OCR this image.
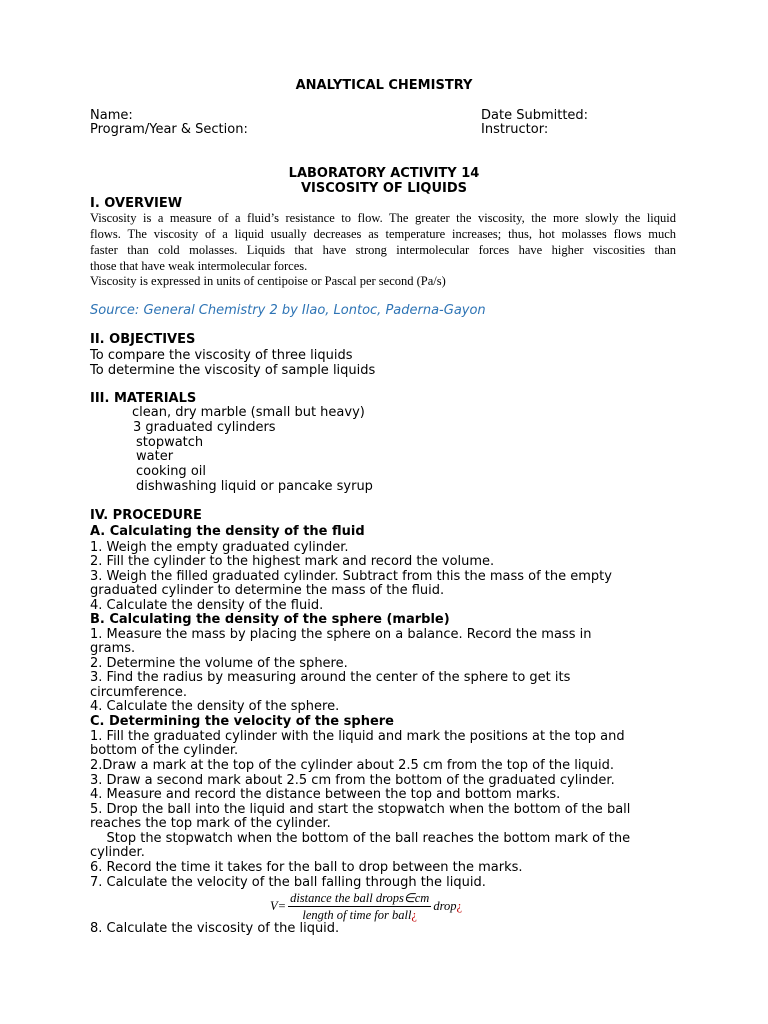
ANALYTICAL CHEMISTRY
Name:	Date Submitted:
Program/Year & Section:	Instructor:
LABORATORY ACTIVITY 14
VISCOSITY OF LIQUIDS
I. OVERVIEW
Viscosity is a measure of a fluid’s resistance to flow. The greater the viscosity, the more slowly the liquid
flows. The viscosity of a liquid usually decreases as temperature increases; thus, hot molasses flows much
faster than cold molasses. Liquids that have strong intermolecular forces have higher viscosities than
those that have weak intermolecular forces.
Viscosity is expressed in units of centipoise or Pascal per second (Pa/s)
Source: General Chemistry 2 by Ilao, Lontoc, Paderna-Gayon
II. OBJECTIVES
To compare the viscosity of three liquids
To determine the viscosity of sample liquids
III. MATERIALS
clean, dry marble (small but heavy)
3 graduated cylinders
stopwatch
water
cooking oil
dishwashing liquid or pancake syrup
IV. PROCEDURE
A. Calculating the density of the fluid
1. Weigh the empty graduated cylinder.
2. Fill the cylinder to the highest mark and record the volume.
3. Weigh the filled graduated cylinder. Subtract from this the mass of the empty
graduated cylinder to determine the mass of the fluid.
4. Calculate the density of the fluid.
B. Calculating the density of the sphere (marble)
1. Measure the mass by placing the sphere on a balance. Record the mass in
grams.
2. Determine the volume of the sphere.
3. Find the radius by measuring around the center of the sphere to get its
circumference.
4. Calculate the density of the sphere.
C. Determining the velocity of the sphere
1. Fill the graduated cylinder with the liquid and mark the positions at the top and
bottom of the cylinder.
2.Draw a mark at the top of the cylinder about 2.5 cm from the top of the liquid.
3. Draw a second mark about 2.5 cm from the bottom of the graduated cylinder.
4. Measure and record the distance between the top and bottom marks.
5. Drop the ball into the liquid and start the stopwatch when the bottom of the ball
reaches the top mark of the cylinder.
Stop the stopwatch when the bottom of the ball reaches the bottom mark of the
cylinder.
6. Record the time it takes for the ball to drop between the marks.
7. Calculate the velocity of the ball falling through the liquid.
$V= \frac{\text{distance the ball drops∈cm}}{\text{length of time for ball¿}}$ drop ¿
8. Calculate the viscosity of the liquid.
